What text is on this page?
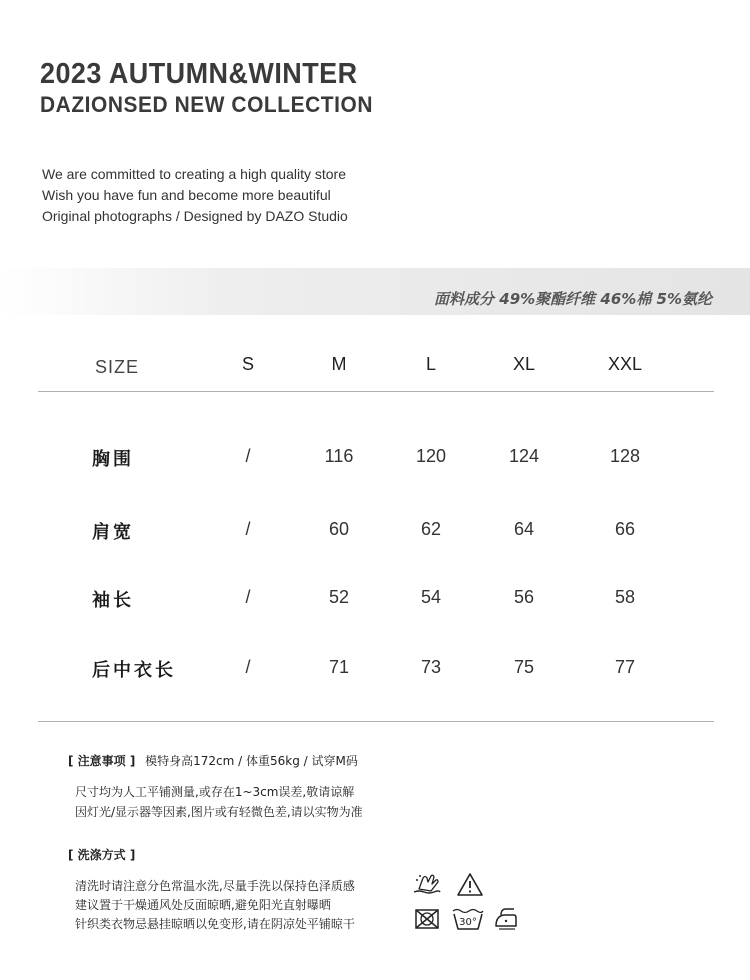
2023 AUTUMN&WINTER
DAZIONSED NEW COLLECTION
We are committed to creating a high quality store
Wish you have fun and become more beautiful
Original photographs / Designed by DAZO Studio
面料成分 49%聚酯纤维 46%棉 5%氨纶
SIZE	S	M	L	XL	XXL
胸围	/	116	120	124	128
肩宽	/	60	62	64	66
袖长	/	52	54	56	58
后中衣长	/	71	73	75	77
[ 注意事项 ] 模特身高172cm / 体重56kg / 试穿M码
尺寸均为人工平铺测量,或存在1~3cm误差,敬请谅解
因灯光/显示器等因素,图片或有轻微色差,请以实物为准
[ 洗涤方式 ]
清洗时请注意分色常温水洗,尽量手洗以保持色泽质感
建议置于干燥通风处反面晾晒,避免阳光直射曝晒
针织类衣物忌悬挂晾晒以免变形,请在阴凉处平铺晾干	30°
